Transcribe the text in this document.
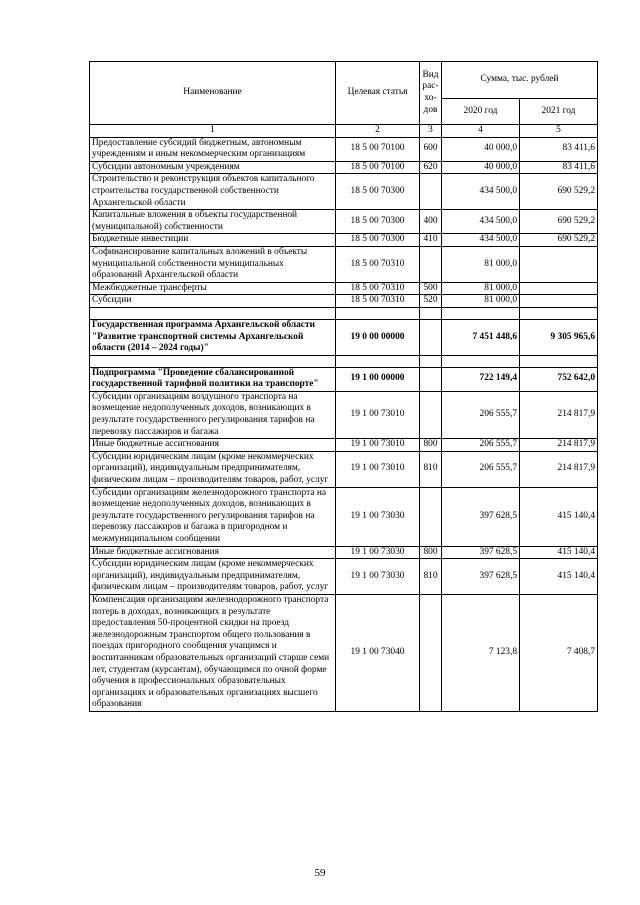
Наименование	Целевая статья	Вид рас-хо-дов	Сумма, тыс. рублей	
			2020 год	2021 год
1	2	3	4	5
Предоставление субсидий бюджетным, автономным учреждениям и иным некоммерческим организациям	18 5 00 70100	600	40 000,0	83 411,6
Субсидии автономным учреждениям	18 5 00 70100	620	40 000,0	83 411,6
Строительство и реконструкция объектов капитального строительства государственной собственности Архангельской области	18 5 00 70300		434 500,0	690 529,2
Капитальные вложения в объекты государственной (муниципальной) собственности	18 5 00 70300	400	434 500,0	690 529,2
Бюджетные инвестиции	18 5 00 70300	410	434 500,0	690 529,2
Софинансирование капитальных вложений в объекты муниципальной собственности муниципальных образований Архангельской области	18 5 00 70310		81 000,0	
Межбюджетные трансферты	18 5 00 70310	500	81 000,0	
Субсидии	18 5 00 70310	520	81 000,0	

Государственная программа Архангельской области "Развитие транспортной системы Архангельской области (2014 – 2024 годы)"	19 0 00 00000		7 451 448,6	9 305 965,6

Подпрограмма "Проведение сбалансированной государственной тарифной политики на транспорте"	19 1 00 00000		722 149,4	752 642,0
Субсидии организациям воздушного транспорта на возмещение недополученных доходов, возникающих в результате государственного регулирования тарифов на перевозку пассажиров и багажа	19 1 00 73010		206 555,7	214 817,9
Иные бюджетные ассигнования	19 1 00 73010	800	206 555,7	214 817,9
Субсидии юридическим лицам (кроме некоммерческих организаций), индивидуальным предпринимателям, физическим лицам – производителям товаров, работ, услуг	19 1 00 73010	810	206 555,7	214 817,9
Субсидии организациям железнодорожного транспорта на возмещение недополученных доходов, возникающих в результате государственного регулирования тарифов на перевозку пассажиров и багажа в пригородном и межмуниципальном сообщении	19 1 00 73030		397 628,5	415 140,4
Иные бюджетные ассигнования	19 1 00 73030	800	397 628,5	415 140,4
Субсидии юридическим лицам (кроме некоммерческих организаций), индивидуальным предпринимателям, физическим лицам – производителям товаров, работ, услуг	19 1 00 73030	810	397 628,5	415 140,4
Компенсация организациям железнодорожного транспорта потерь в доходах, возникающих в результате предоставления 50-процентной скидки на проезд железнодорожным транспортом общего пользования в поездах пригородного сообщения учащимся и воспитанникам образовательных организаций старше семи лет, студентам (курсантам), обучающимся по очной форме обучения в профессиональных образовательных организациях и образовательных организациях высшего образования	19 1 00 73040		7 123,8	7 408,7
59
